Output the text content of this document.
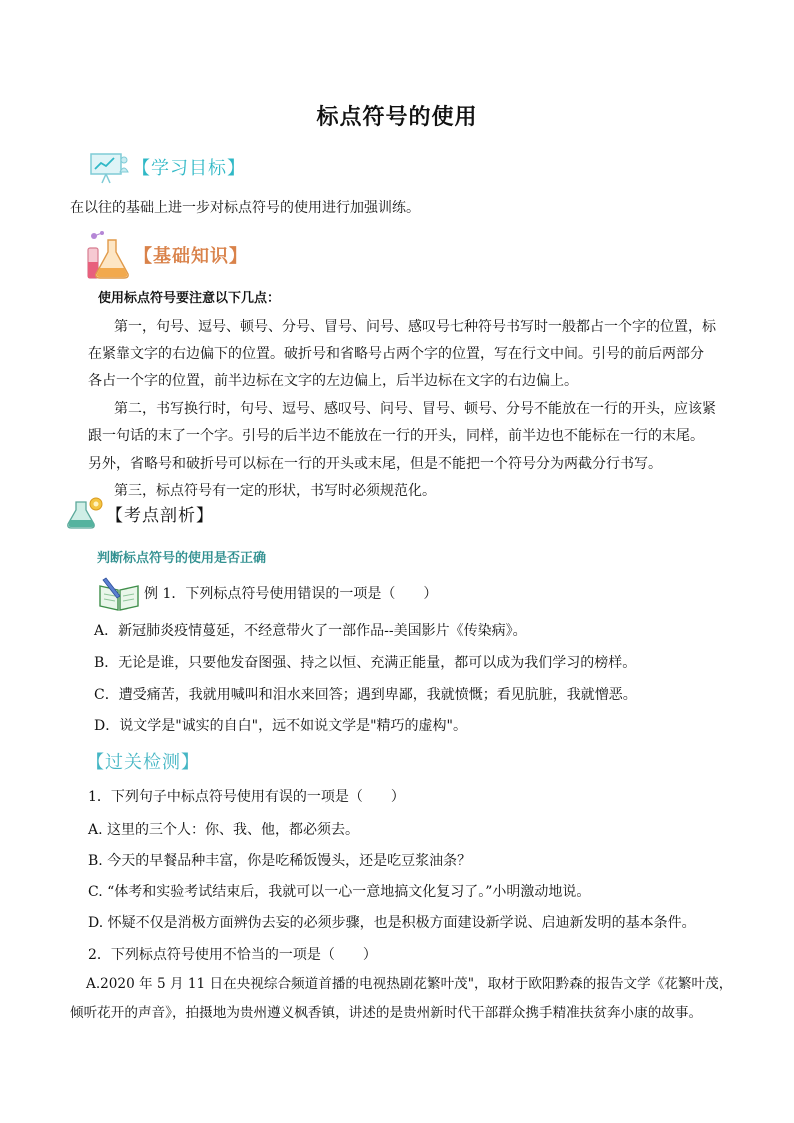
标点符号的使用
【学习目标】
在以往的基础上进一步对标点符号的使用进行加强训练。
【基础知识】
使用标点符号要注意以下几点：
第一，句号、逗号、顿号、分号、冒号、问号、感叹号七种符号书写时一般都占一个字的位置，标
在紧靠文字的右边偏下的位置。破折号和省略号占两个字的位置，写在行文中间。引号的前后两部分
各占一个字的位置，前半边标在文字的左边偏上，后半边标在文字的右边偏上。
第二，书写换行时，句号、逗号、感叹号、问号、冒号、顿号、分号不能放在一行的开头，应该紧
跟一句话的末了一个字。引号的后半边不能放在一行的开头，同样，前半边也不能标在一行的末尾。
另外，省略号和破折号可以标在一行的开头或末尾，但是不能把一个符号分为两截分行书写。
第三，标点符号有一定的形状，书写时必须规范化。
【考点剖析】
判断标点符号的使用是否正确
例 1． 下列标点符号使用错误的一项是（　　）
A．新冠肺炎疫情蔓延，不经意带火了一部作品--美国影片《传染病》。
B．无论是谁，只要他发奋图强、持之以恒、充满正能量，都可以成为我们学习的榜样。
C．遭受痛苦，我就用喊叫和泪水来回答；遇到卑鄙，我就愤慨；看见肮脏，我就憎恶。
D．说文学是"诚实的自白"，远不如说文学是"精巧的虚构"。
【过关检测】
1．下列句子中标点符号使用有误的一项是（　　）
A. 这里的三个人：你、我、他，都必须去。
B. 今天的早餐品种丰富，你是吃稀饭馒头，还是吃豆浆油条？
C. “体考和实验考试结束后，我就可以一心一意地搞文化复习了。”小明激动地说。
D. 怀疑不仅是消极方面辨伪去妄的必须步骤，也是积极方面建设新学说、启迪新发明的基本条件。
2．下列标点符号使用不恰当的一项是（　　）
A.2020 年 5 月 11 日在央视综合频道首播的电视热剧花繁叶茂"，取材于欧阳黔森的报告文学《花繁叶茂，
倾听花开的声音》，拍摄地为贵州遵义枫香镇，讲述的是贵州新时代干部群众携手精准扶贫奔小康的故事。
